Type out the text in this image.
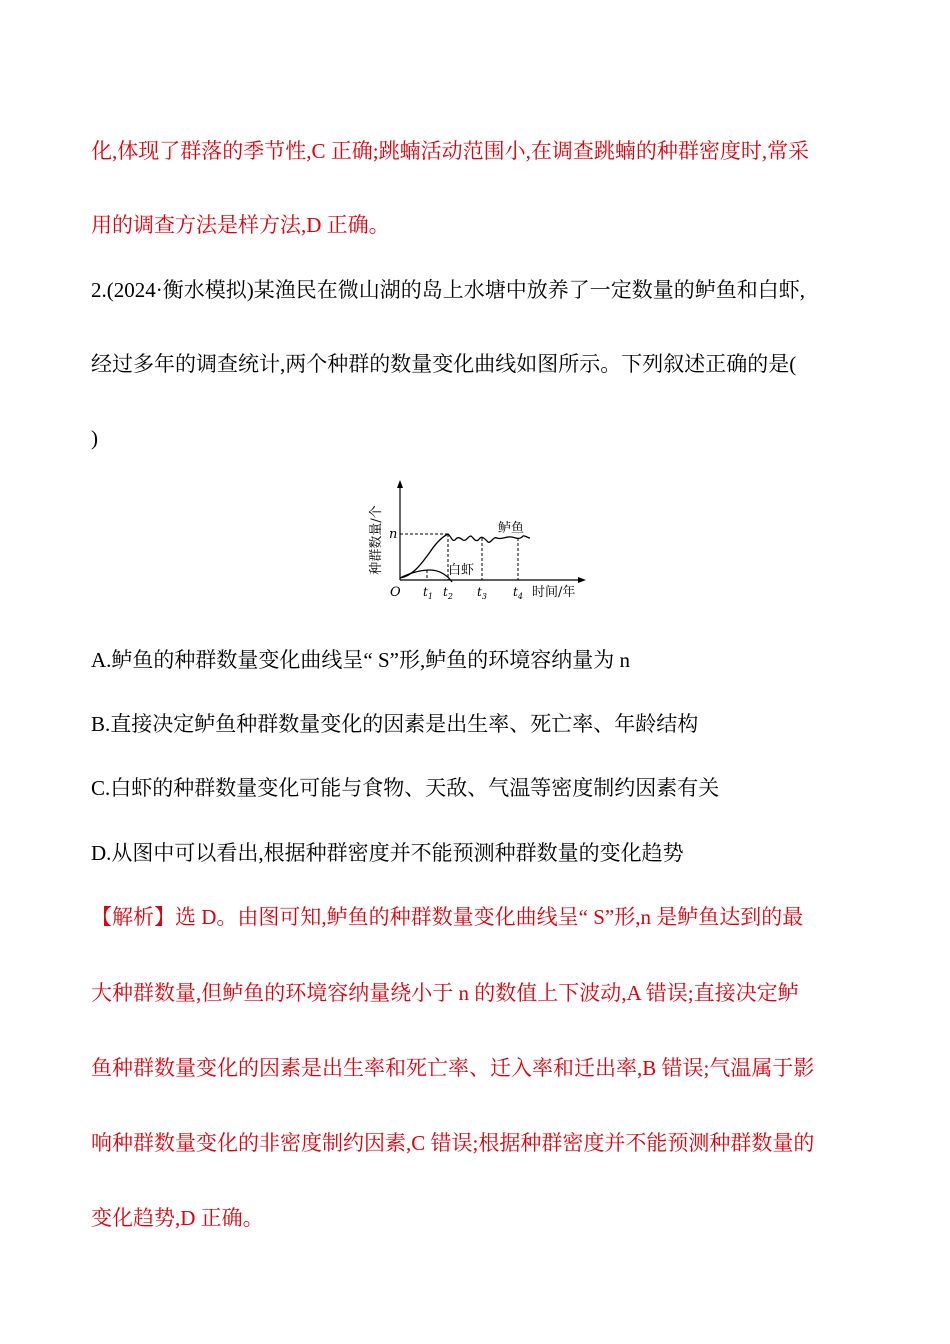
化,体现了群落的季节性,C 正确;跳蝻活动范围小,在调查跳蝻的种群密度时,常采
用的调查方法是样方法,D 正确。
2.(2024·衡水模拟)某渔民在微山湖的岛上水塘中放养了一定数量的鲈鱼和白虾,
经过多年的调查统计,两个种群的数量变化曲线如图所示。下列叙述正确的是(
)
种群数量/个 n	鲈鱼
白虾
O $t_1$ $t_2$ $t_3$ $t_4$ 时间/年
A.鲈鱼的种群数量变化曲线呈“ S”形,鲈鱼的环境容纳量为 n
B.直接决定鲈鱼种群数量变化的因素是出生率、死亡率、年龄结构
C.白虾的种群数量变化可能与食物、天敌、气温等密度制约因素有关
D.从图中可以看出,根据种群密度并不能预测种群数量的变化趋势
【解析】选 D。由图可知,鲈鱼的种群数量变化曲线呈“ S”形,n 是鲈鱼达到的最
大种群数量,但鲈鱼的环境容纳量绕小于 n 的数值上下波动,A 错误;直接决定鲈
鱼种群数量变化的因素是出生率和死亡率、迁入率和迁出率,B 错误;气温属于影
响种群数量变化的非密度制约因素,C 错误;根据种群密度并不能预测种群数量的
变化趋势,D 正确。
